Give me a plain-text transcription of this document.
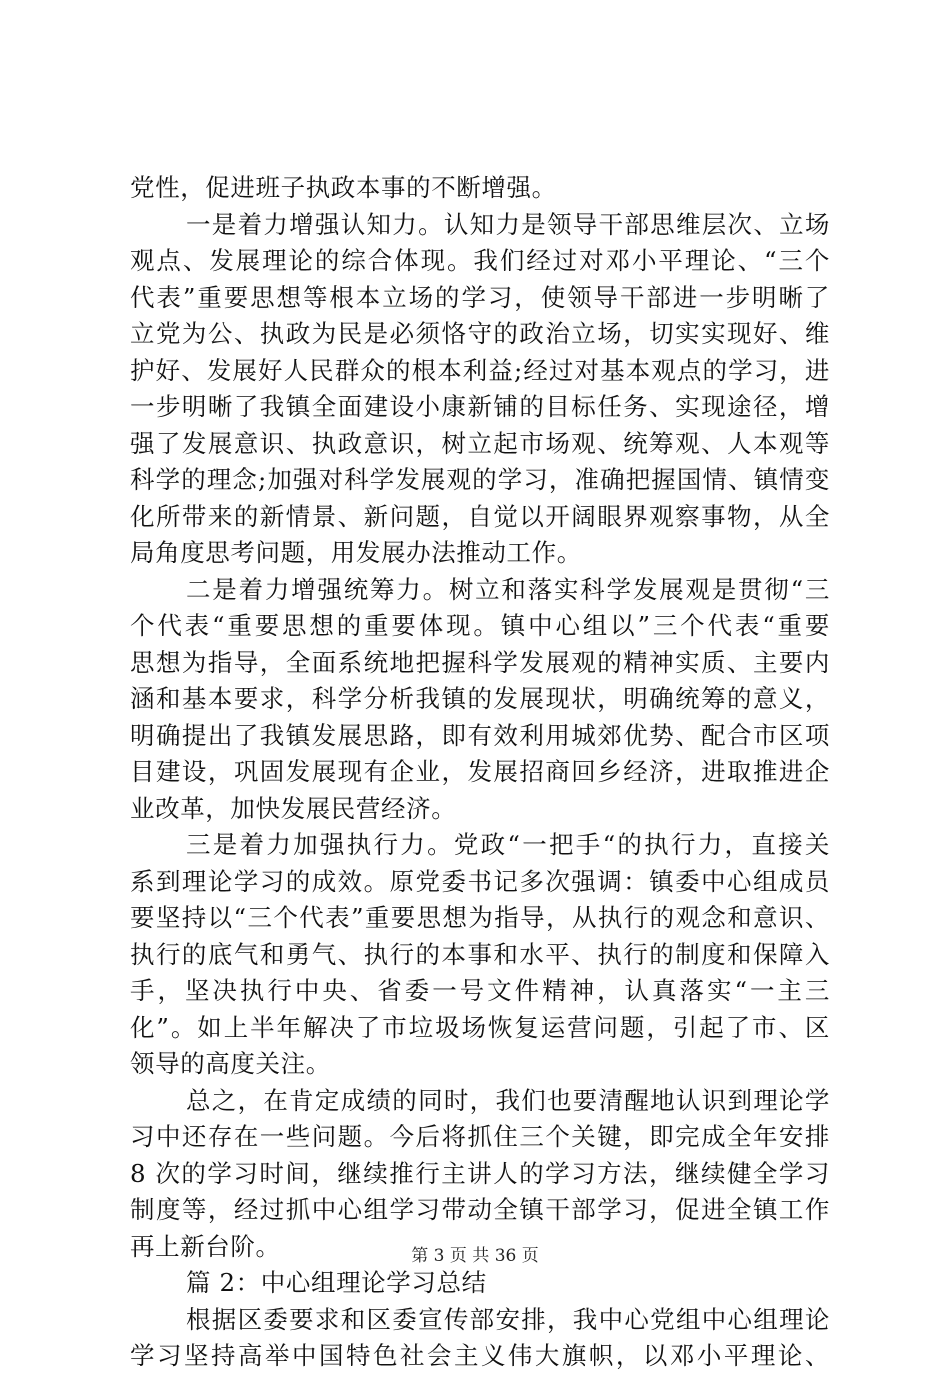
党性，促进班子执政本事的不断增强。
一是着力增强认知力。认知力是领导干部思维层次、立场
观点、发展理论的综合体现。我们经过对邓小平理论、“三个
代表”重要思想等根本立场的学习，使领导干部进一步明晰了
立党为公、执政为民是必须恪守的政治立场，切实实现好、维
护好、发展好人民群众的根本利益;经过对基本观点的学习，进
一步明晰了我镇全面建设小康新铺的目标任务、实现途径，增
强了发展意识、执政意识，树立起市场观、统筹观、人本观等
科学的理念;加强对科学发展观的学习，准确把握国情、镇情变
化所带来的新情景、新问题，自觉以开阔眼界观察事物，从全
局角度思考问题，用发展办法推动工作。
二是着力增强统筹力。树立和落实科学发展观是贯彻“三
个代表“重要思想的重要体现。镇中心组以”三个代表“重要
思想为指导，全面系统地把握科学发展观的精神实质、主要内
涵和基本要求，科学分析我镇的发展现状，明确统筹的意义，
明确提出了我镇发展思路，即有效利用城郊优势、配合市区项
目建设，巩固发展现有企业，发展招商回乡经济，进取推进企
业改革，加快发展民营经济。
三是着力加强执行力。党政“一把手“的执行力，直接关
系到理论学习的成效。原党委书记多次强调：镇委中心组成员
要坚持以“三个代表”重要思想为指导，从执行的观念和意识、
执行的底气和勇气、执行的本事和水平、执行的制度和保障入
手，坚决执行中央、省委一号文件精神，认真落实“一主三
化”。如上半年解决了市垃圾场恢复运营问题，引起了市、区
领导的高度关注。
总之，在肯定成绩的同时，我们也要清醒地认识到理论学
习中还存在一些问题。今后将抓住三个关键，即完成全年安排
8 次的学习时间，继续推行主讲人的学习方法，继续健全学习
制度等，经过抓中心组学习带动全镇干部学习，促进全镇工作
再上新台阶。
篇 2：中心组理论学习总结
根据区委要求和区委宣传部安排，我中心党组中心组理论
学习坚持高举中国特色社会主义伟大旗帜，以邓小平理论、
第 3 页 共 36 页
